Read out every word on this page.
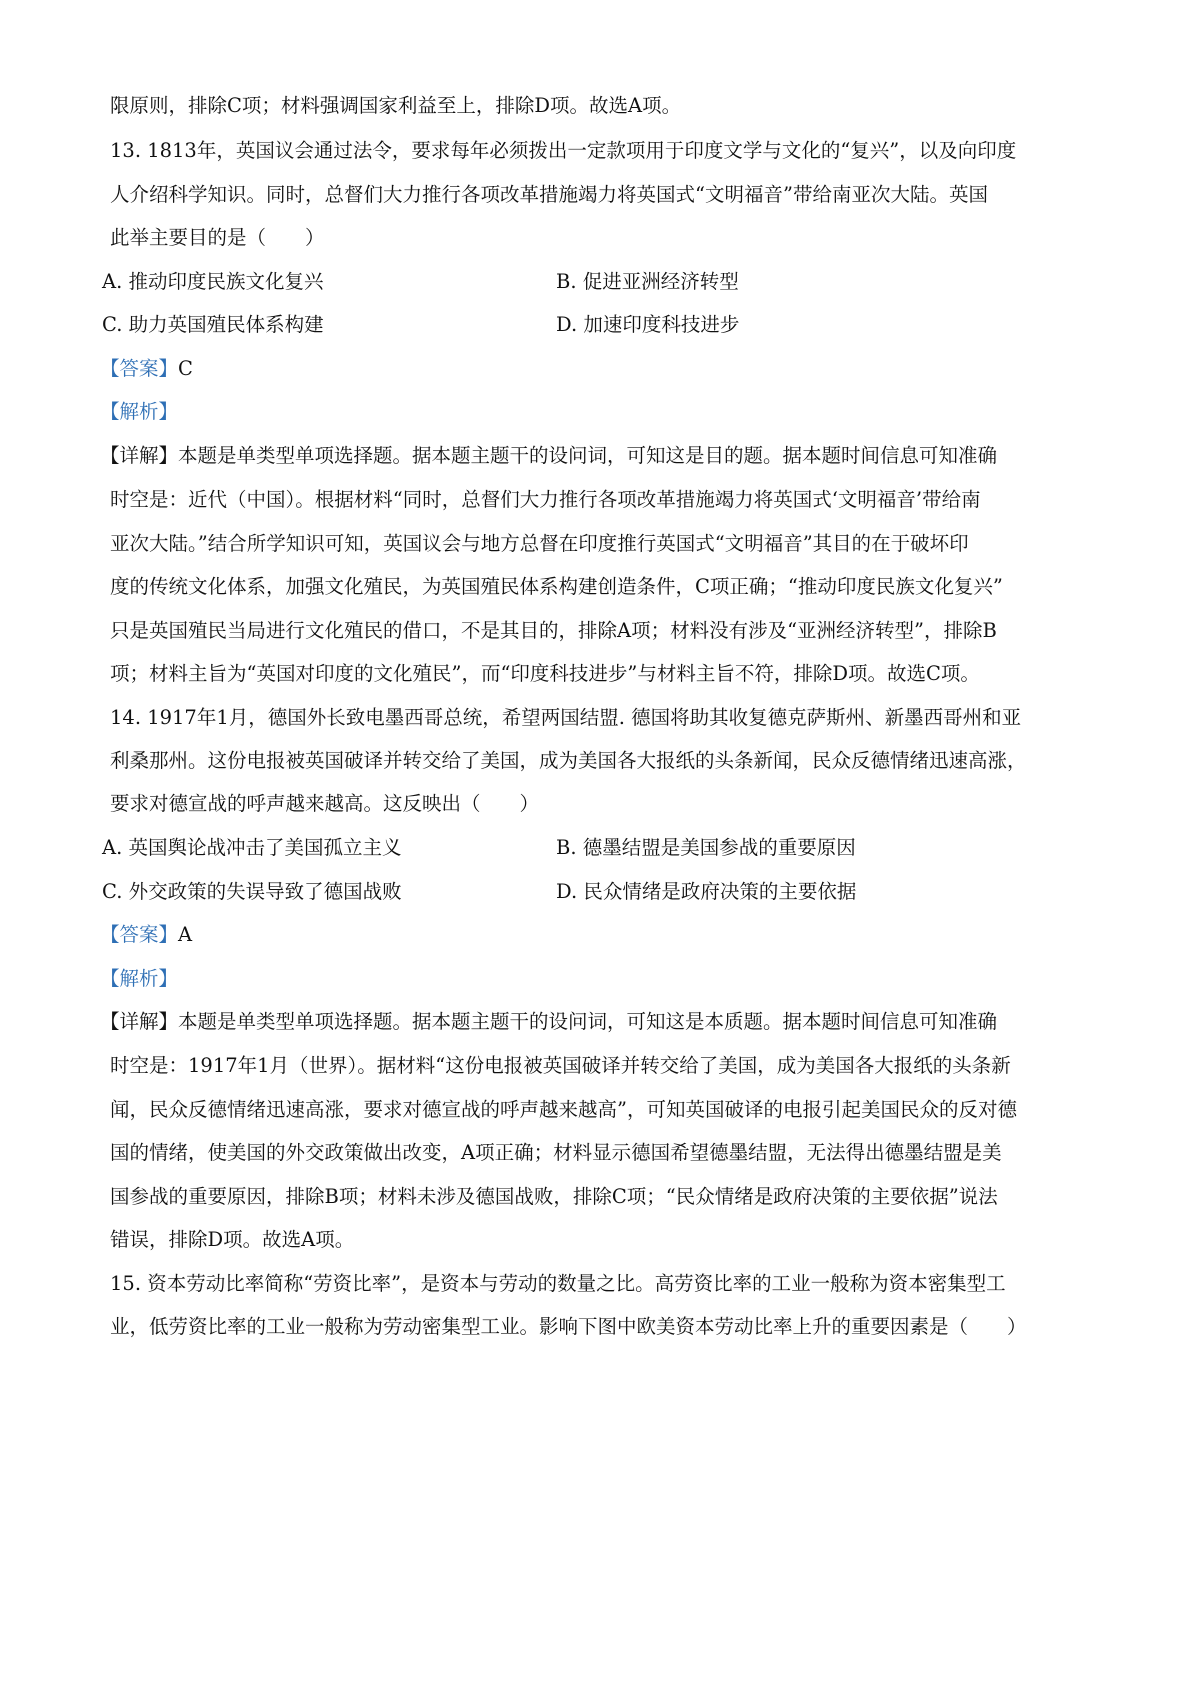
限原则，排除C项；材料强调国家利益至上，排除D项。故选A项。
13. 1813年，英国议会通过法令，要求每年必须拨出一定款项用于印度文学与文化的“复兴”，以及向印度
人介绍科学知识。同时，总督们大力推行各项改革措施竭力将英国式“文明福音”带给南亚次大陆。英国
此举主要目的是（　　）
A. 推动印度民族文化复兴	B. 促进亚洲经济转型
C. 助力英国殖民体系构建	D. 加速印度科技进步
【答案】C
【解析】
【详解】本题是单类型单项选择题。据本题主题干的设问词，可知这是目的题。据本题时间信息可知准确
时空是：近代（中国）。根据材料“同时，总督们大力推行各项改革措施竭力将英国式‘文明福音’带给南
亚次大陆。”结合所学知识可知，英国议会与地方总督在印度推行英国式“文明福音”其目的在于破坏印
度的传统文化体系，加强文化殖民，为英国殖民体系构建创造条件，C项正确；“推动印度民族文化复兴”
只是英国殖民当局进行文化殖民的借口，不是其目的，排除A项；材料没有涉及“亚洲经济转型”，排除B
项；材料主旨为“英国对印度的文化殖民”，而“印度科技进步”与材料主旨不符，排除D项。故选C项。
14. 1917年1月，德国外长致电墨西哥总统，希望两国结盟. 德国将助其收复德克萨斯州、新墨西哥州和亚
利桑那州。这份电报被英国破译并转交给了美国，成为美国各大报纸的头条新闻，民众反德情绪迅速高涨，
要求对德宣战的呼声越来越高。这反映出（　　）
A. 英国舆论战冲击了美国孤立主义	B. 德墨结盟是美国参战的重要原因
C. 外交政策的失误导致了德国战败	D. 民众情绪是政府决策的主要依据
【答案】A
【解析】
【详解】本题是单类型单项选择题。据本题主题干的设问词，可知这是本质题。据本题时间信息可知准确
时空是：1917年1月（世界）。据材料“这份电报被英国破译并转交给了美国，成为美国各大报纸的头条新
闻，民众反德情绪迅速高涨，要求对德宣战的呼声越来越高”，可知英国破译的电报引起美国民众的反对德
国的情绪，使美国的外交政策做出改变，A项正确；材料显示德国希望德墨结盟，无法得出德墨结盟是美
国参战的重要原因，排除B项；材料未涉及德国战败，排除C项；“民众情绪是政府决策的主要依据”说法
错误，排除D项。故选A项。
15. 资本劳动比率简称“劳资比率”，是资本与劳动的数量之比。高劳资比率的工业一般称为资本密集型工
业，低劳资比率的工业一般称为劳动密集型工业。影响下图中欧美资本劳动比率上升的重要因素是（　　）
